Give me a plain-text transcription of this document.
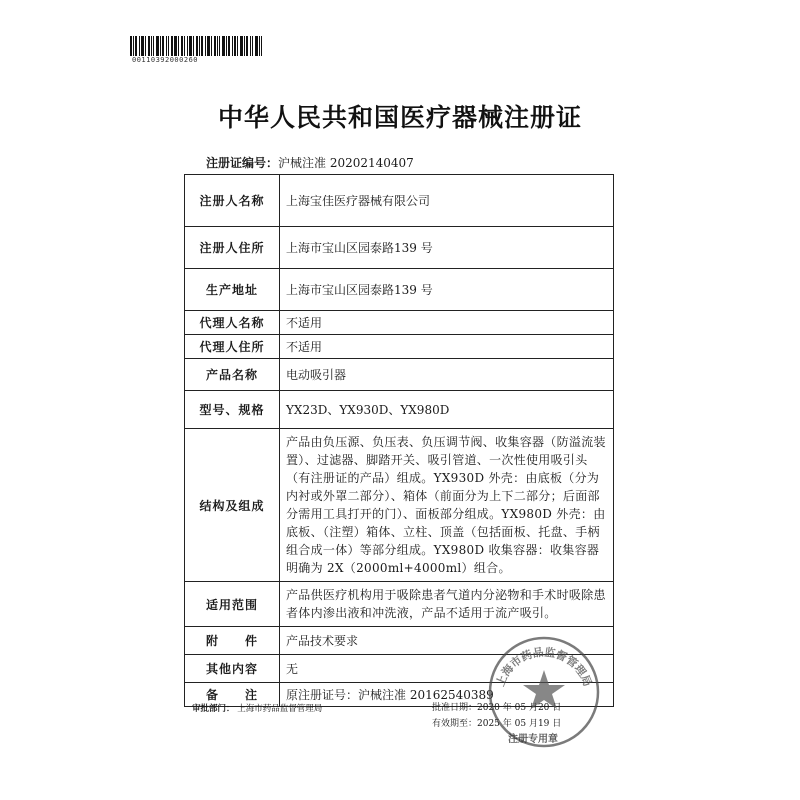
00110392000260
中华人民共和国医疗器械注册证
注册证编号：沪械注准 20202140407
注册人名称	上海宝佳医疗器械有限公司
注册人住所	上海市宝山区园泰路139 号
生产地址	上海市宝山区园泰路139 号
代理人名称	不适用
代理人住所	不适用
产品名称	电动吸引器
型号、规格	YX23D、YX930D、YX980D
结构及组成	产品由负压源、负压表、负压调节阀、收集容器（防溢流装置）、过滤器、脚踏开关、吸引管道、一次性使用吸引头（有注册证的产品）组成。YX930D 外壳：由底板（分为内衬或外罩二部分）、箱体（前面分为上下二部分；后面部分需用工具打开的门）、面板部分组成。YX980D 外壳：由底板、（注塑）箱体、立柱、顶盖（包括面板、托盘、手柄组合成一体）等部分组成。YX980D 收集容器：收集容器明确为 2X（2000ml+4000ml）组合。
适用范围	产品供医疗机构用于吸除患者气道内分泌物和手术时吸除患者体内渗出液和冲洗液，产品不适用于流产吸引。
附　　件	产品技术要求
其他内容	无
备　　注	原注册证号：沪械注准 20162540389
审批部门： 上海市药品监督管理局	批准日期：2020 年 05 月20 日
有效期至：2025 年 05 月19 日
上海市药品监督管理局
注册专用章
